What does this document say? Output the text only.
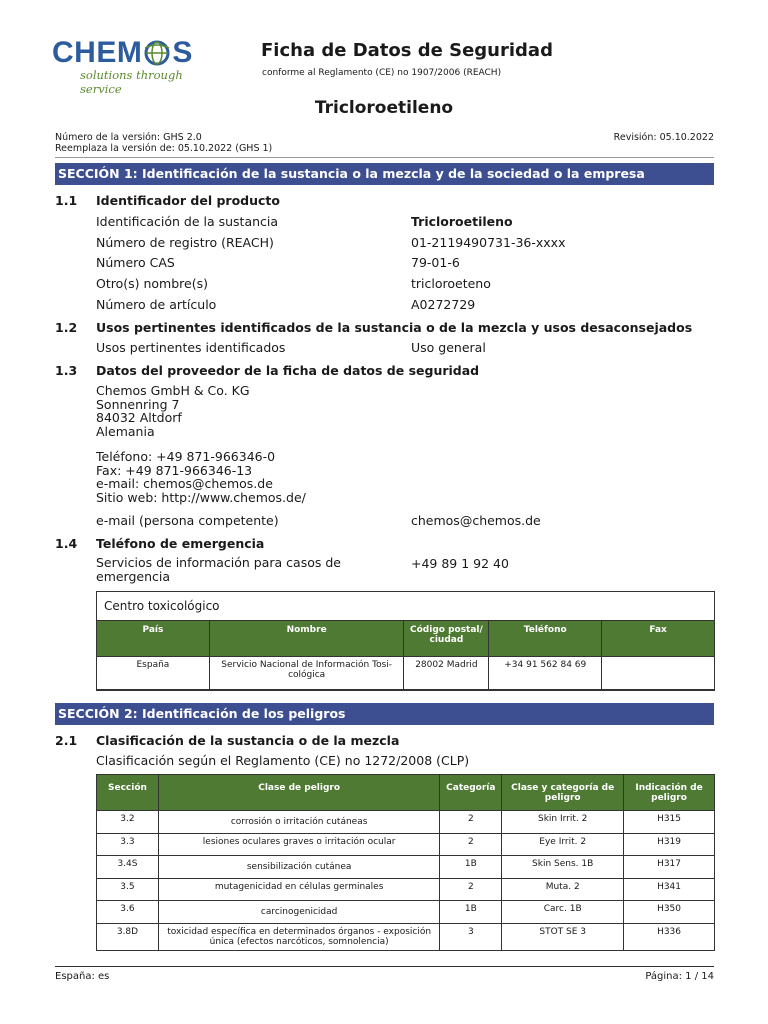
CHEM S
solutions through service
Ficha de Datos de Seguridad
conforme al Reglamento (CE) no 1907/2006 (REACH)
Tricloroetileno
Número de la versión: GHS 2.0
Reemplaza la versión de: 05.10.2022 (GHS 1)
Revisión: 05.10.2022
SECCIÓN 1: Identificación de la sustancia o la mezcla y de la sociedad o la empresa
1.1 Identificador del producto
Identificación de la sustancia	Tricloroetileno
Número de registro (REACH)	01-2119490731-36-xxxx
Número CAS	79-01-6
Otro(s) nombre(s)	tricloroeteno
Número de artículo	A0272729
1.2 Usos pertinentes identificados de la sustancia o de la mezcla y usos desaconsejados
Usos pertinentes identificados	Uso general
1.3 Datos del proveedor de la ficha de datos de seguridad
Chemos GmbH & Co. KG
Sonnenring 7
84032 Altdorf
Alemania
Teléfono: +49 871-966346-0
Fax: +49 871-966346-13
e-mail: chemos@chemos.de
Sitio web: http://www.chemos.de/
e-mail (persona competente)	chemos@chemos.de
1.4 Teléfono de emergencia
Servicios de información para casos de
emergencia
+49 89 1 92 40
Centro toxicológico
País	Nombre	Código postal/ ciudad	Teléfono	Fax
España	Servicio Nacional de Información Tosi- cológica	28002 Madrid	+34 91 562 84 69	
SECCIÓN 2: Identificación de los peligros
2.1 Clasificación de la sustancia o de la mezcla
Clasificación según el Reglamento (CE) no 1272/2008 (CLP)
Sección	Clase de peligro	Categoría	Clase y categoría de peligro	Indicación de peligro
3.2	corrosión o irritación cutáneas	2	Skin Irrit. 2	H315
3.3	lesiones oculares graves o irritación ocular	2	Eye Irrit. 2	H319
3.4S	sensibilización cutánea	1B	Skin Sens. 1B	H317
3.5	mutagenicidad en células germinales	2	Muta. 2	H341
3.6	carcinogenicidad	1B	Carc. 1B	H350
3.8D	toxicidad específica en determinados órganos - exposición única (efectos narcóticos, somnolencia)	3	STOT SE 3	H336
España: es	Página: 1 / 14
